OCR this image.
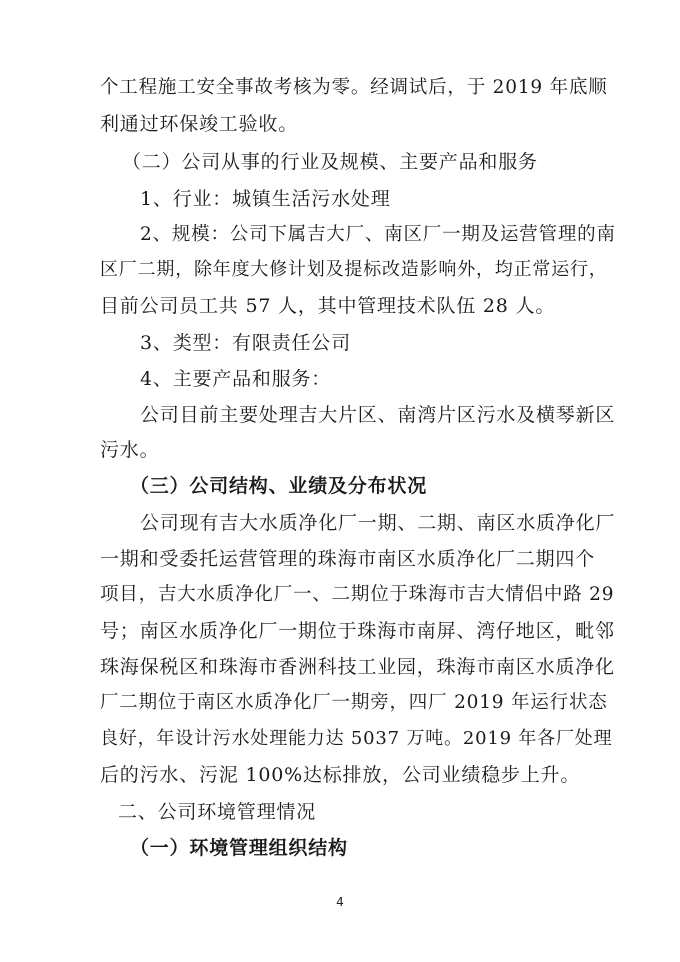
个工程施工安全事故考核为零。经调试后，于 2019 年底顺
利通过环保竣工验收。
（二）公司从事的行业及规模、主要产品和服务
1、行业：城镇生活污水处理
2、规模：公司下属吉大厂、南区厂一期及运营管理的南
区厂二期，除年度大修计划及提标改造影响外，均正常运行，
目前公司员工共 57 人，其中管理技术队伍 28 人。
3、类型：有限责任公司
4、主要产品和服务：
公司目前主要处理吉大片区、南湾片区污水及横琴新区
污水。
（三）公司结构、业绩及分布状况
公司现有吉大水质净化厂一期、二期、南区水质净化厂
一期和受委托运营管理的珠海市南区水质净化厂二期四个
项目，吉大水质净化厂一、二期位于珠海市吉大情侣中路 29
号；南区水质净化厂一期位于珠海市南屏、湾仔地区，毗邻
珠海保税区和珠海市香洲科技工业园，珠海市南区水质净化
厂二期位于南区水质净化厂一期旁，四厂 2019 年运行状态
良好，年设计污水处理能力达 5037 万吨。2019 年各厂处理
后的污水、污泥 100%达标排放，公司业绩稳步上升。
二、公司环境管理情况
（一）环境管理组织结构
4
